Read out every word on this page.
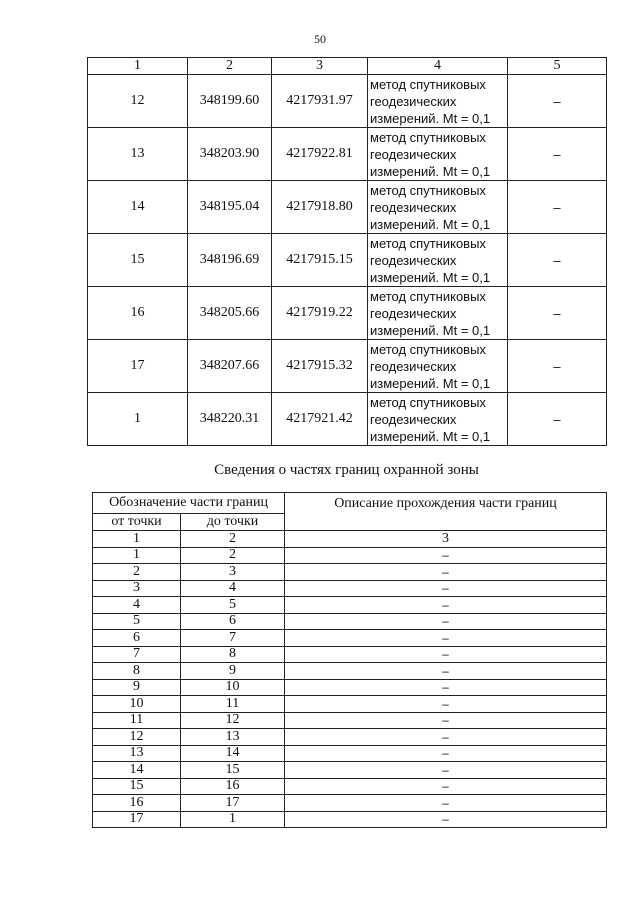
50
1	2	3	4	5
12	348199.60	4217931.97	метод спутниковых
геодезических
измерений. Mt = 0,1	–
13	348203.90	4217922.81	метод спутниковых
геодезических
измерений. Mt = 0,1	–
14	348195.04	4217918.80	метод спутниковых
геодезических
измерений. Mt = 0,1	–
15	348196.69	4217915.15	метод спутниковых
геодезических
измерений. Mt = 0,1	–
16	348205.66	4217919.22	метод спутниковых
геодезических
измерений. Mt = 0,1	–
17	348207.66	4217915.32	метод спутниковых
геодезических
измерений. Mt = 0,1	–
1	348220.31	4217921.42	метод спутниковых
геодезических
измерений. Mt = 0,1	–
Сведения о частях границ охранной зоны
Обозначение части границ		Описание прохождения части границ
от точки	до точки	
1	2	3
1	2	–
2	3	–
3	4	–
4	5	–
5	6	–
6	7	–
7	8	–
8	9	–
9	10	–
10	11	–
11	12	–
12	13	–
13	14	–
14	15	–
15	16	–
16	17	–
17	1	–
